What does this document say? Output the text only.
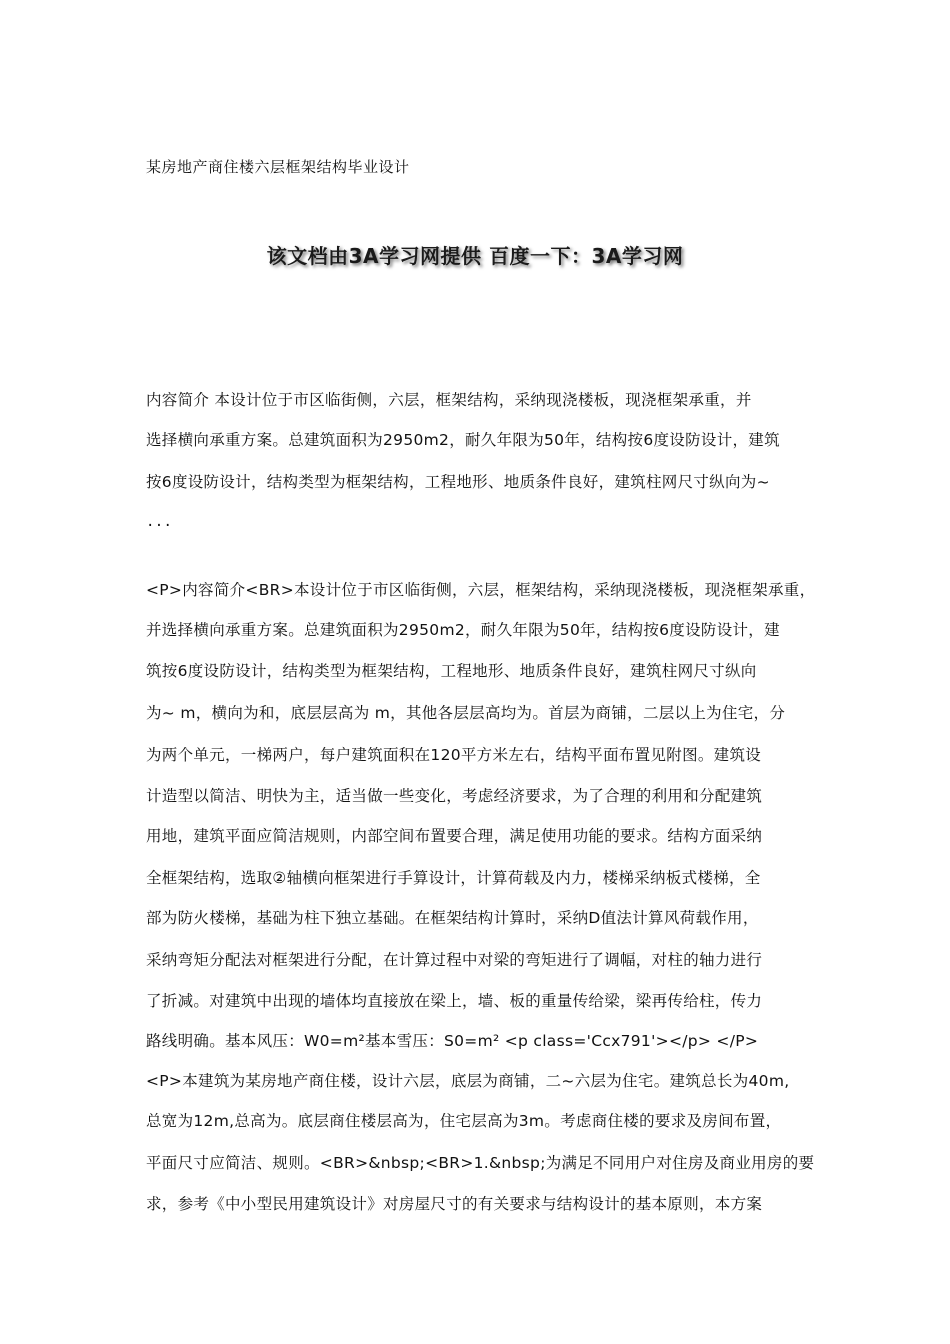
某房地产商住楼六层框架结构毕业设计
该文档由3A学习网提供 百度一下：3A学习网
内容简介 本设计位于市区临街侧，六层，框架结构，采纳现浇楼板，现浇框架承重，并
选择横向承重方案。总建筑面积为2950m2，耐久年限为50年，结构按6度设防设计，建筑
按6度设防设计，结构类型为框架结构，工程地形、地质条件良好，建筑柱网尺寸纵向为~
...
<P>内容简介<BR>本设计位于市区临街侧，六层，框架结构，采纳现浇楼板，现浇框架承重，
并选择横向承重方案。总建筑面积为2950m2，耐久年限为50年，结构按6度设防设计，建
筑按6度设防设计，结构类型为框架结构，工程地形、地质条件良好，建筑柱网尺寸纵向
为~ m，横向为和，底层层高为 m，其他各层层高均为。首层为商铺，二层以上为住宅，分
为两个单元，一梯两户，每户建筑面积在120平方米左右，结构平面布置见附图。建筑设
计造型以简洁、明快为主，适当做一些变化，考虑经济要求，为了合理的利用和分配建筑
用地，建筑平面应简洁规则，内部空间布置要合理，满足使用功能的要求。结构方面采纳
全框架结构，选取②轴横向框架进行手算设计，计算荷载及内力，楼梯采纳板式楼梯，全
部为防火楼梯，基础为柱下独立基础。在框架结构计算时，采纳D值法计算风荷载作用，
采纳弯矩分配法对框架进行分配，在计算过程中对梁的弯矩进行了调幅，对柱的轴力进行
了折减。对建筑中出现的墙体均直接放在梁上，墙、板的重量传给梁，梁再传给柱，传力
路线明确。基本风压：W0=m²基本雪压：S0=m² <p class='Ccx791'></p> </P>
<P>本建筑为某房地产商住楼，设计六层，底层为商铺，二~六层为住宅。建筑总长为40m,
总宽为12m,总高为。底层商住楼层高为，住宅层高为3m。考虑商住楼的要求及房间布置，
平面尺寸应简洁、规则。<BR>&nbsp;<BR>1.&nbsp;为满足不同用户对住房及商业用房的要
求，参考《中小型民用建筑设计》对房屋尺寸的有关要求与结构设计的基本原则，本方案
